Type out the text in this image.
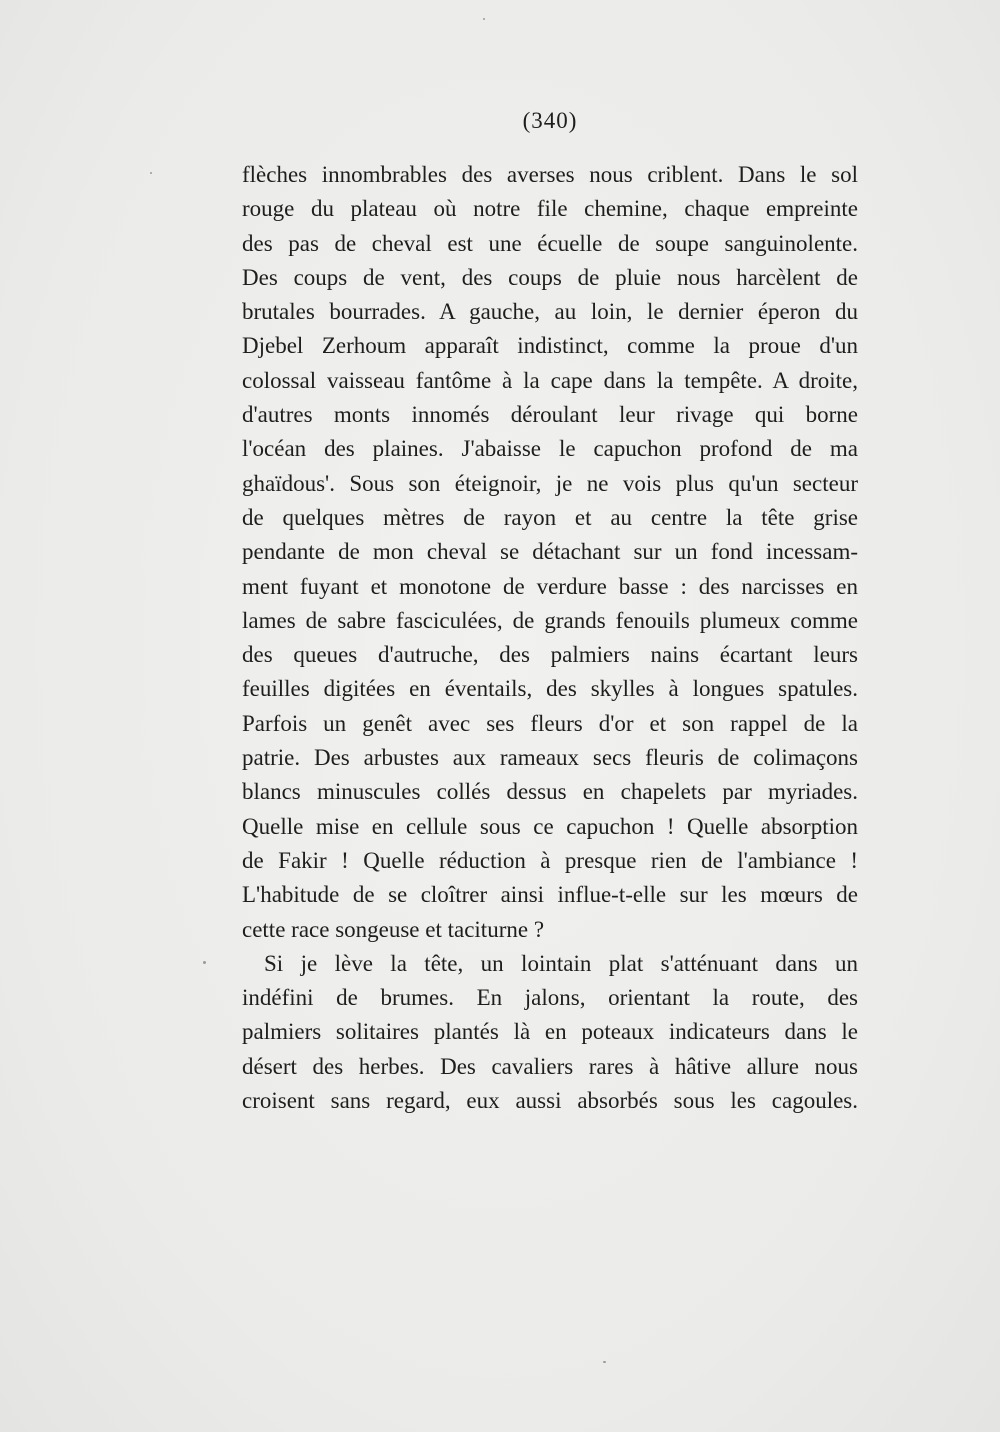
(340)
flèches innombrables des averses nous criblent. Dans le sol
rouge du plateau où notre file chemine, chaque empreinte
des pas de cheval est une écuelle de soupe sanguinolente.
Des coups de vent, des coups de pluie nous harcèlent de
brutales bourrades. A gauche, au loin, le dernier éperon du
Djebel Zerhoum apparaît indistinct, comme la proue d'un
colossal vaisseau fantôme à la cape dans la tempête. A droite,
d'autres monts innomés déroulant leur rivage qui borne
l'océan des plaines. J'abaisse le capuchon profond de ma
ghaïdous'. Sous son éteignoir, je ne vois plus qu'un secteur
de quelques mètres de rayon et au centre la tête grise
pendante de mon cheval se détachant sur un fond incessam-
ment fuyant et monotone de verdure basse : des narcisses en
lames de sabre fasciculées, de grands fenouils plumeux comme
des queues d'autruche, des palmiers nains écartant leurs
feuilles digitées en éventails, des skylles à longues spatules.
Parfois un genêt avec ses fleurs d'or et son rappel de la
patrie. Des arbustes aux rameaux secs fleuris de colimaçons
blancs minuscules collés dessus en chapelets par myriades.
Quelle mise en cellule sous ce capuchon ! Quelle absorption
de Fakir ! Quelle réduction à presque rien de l'ambiance !
L'habitude de se cloîtrer ainsi influe-t-elle sur les mœurs de
cette race songeuse et taciturne ?
Si je lève la tête, un lointain plat s'atténuant dans un
indéfini de brumes. En jalons, orientant la route, des
palmiers solitaires plantés là en poteaux indicateurs dans le
désert des herbes. Des cavaliers rares à hâtive allure nous
croisent sans regard, eux aussi absorbés sous les cagoules.
